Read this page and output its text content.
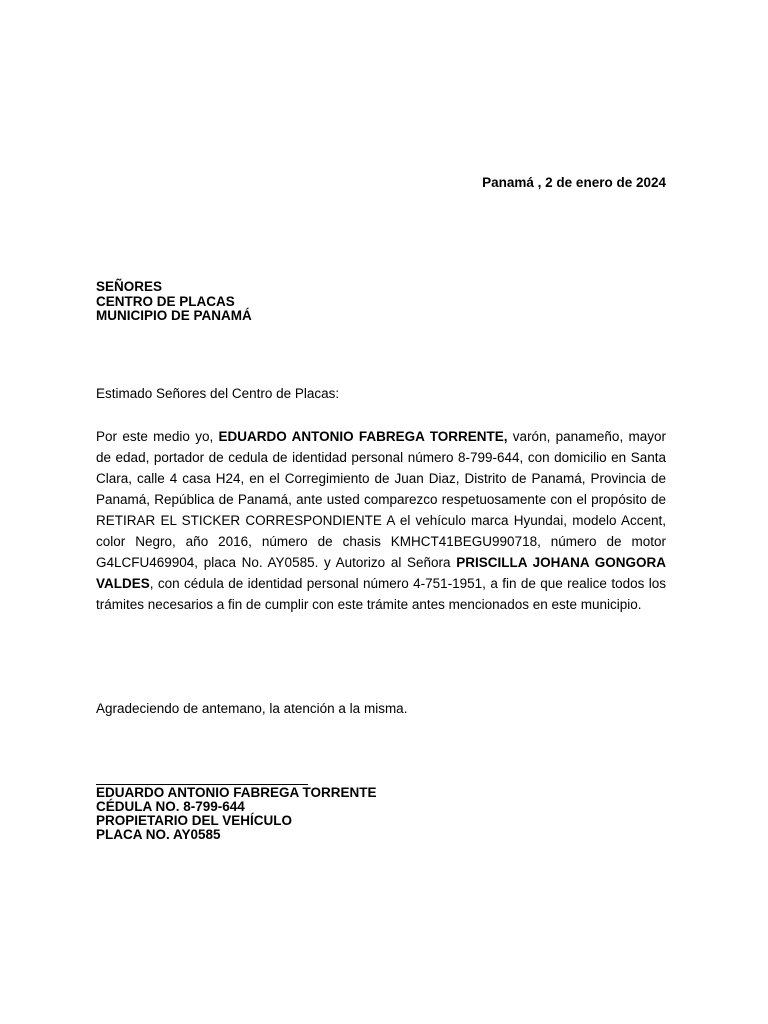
Panamá , 2 de enero de 2024
SEÑORES
CENTRO DE PLACAS
MUNICIPIO DE PANAMÁ
Estimado Señores del Centro de Placas:
Por este medio yo, EDUARDO ANTONIO FABREGA TORRENTE, varón, panameño, mayor de edad, portador de cedula de identidad personal número 8-799-644, con domicilio en Santa Clara, calle 4 casa H24, en el Corregimiento de Juan Diaz, Distrito de Panamá, Provincia de Panamá, República de Panamá, ante usted comparezco respetuosamente con el propósito de RETIRAR EL STICKER CORRESPONDIENTE A el vehículo marca Hyundai, modelo Accent, color Negro, año 2016, número de chasis KMHCT41BEGU990718, número de motor G4LCFU469904, placa No. AY0585. y Autorizo al Señora PRISCILLA JOHANA GONGORA VALDES, con cédula de identidad personal número 4-751-1951, a fin de que realice todos los trámites necesarios a fin de cumplir con este trámite antes mencionados en este municipio.
Agradeciendo de antemano, la atención a la misma.
EDUARDO ANTONIO FABREGA TORRENTE
CÉDULA NO. 8-799-644
PROPIETARIO DEL VEHÍCULO
PLACA NO. AY0585
